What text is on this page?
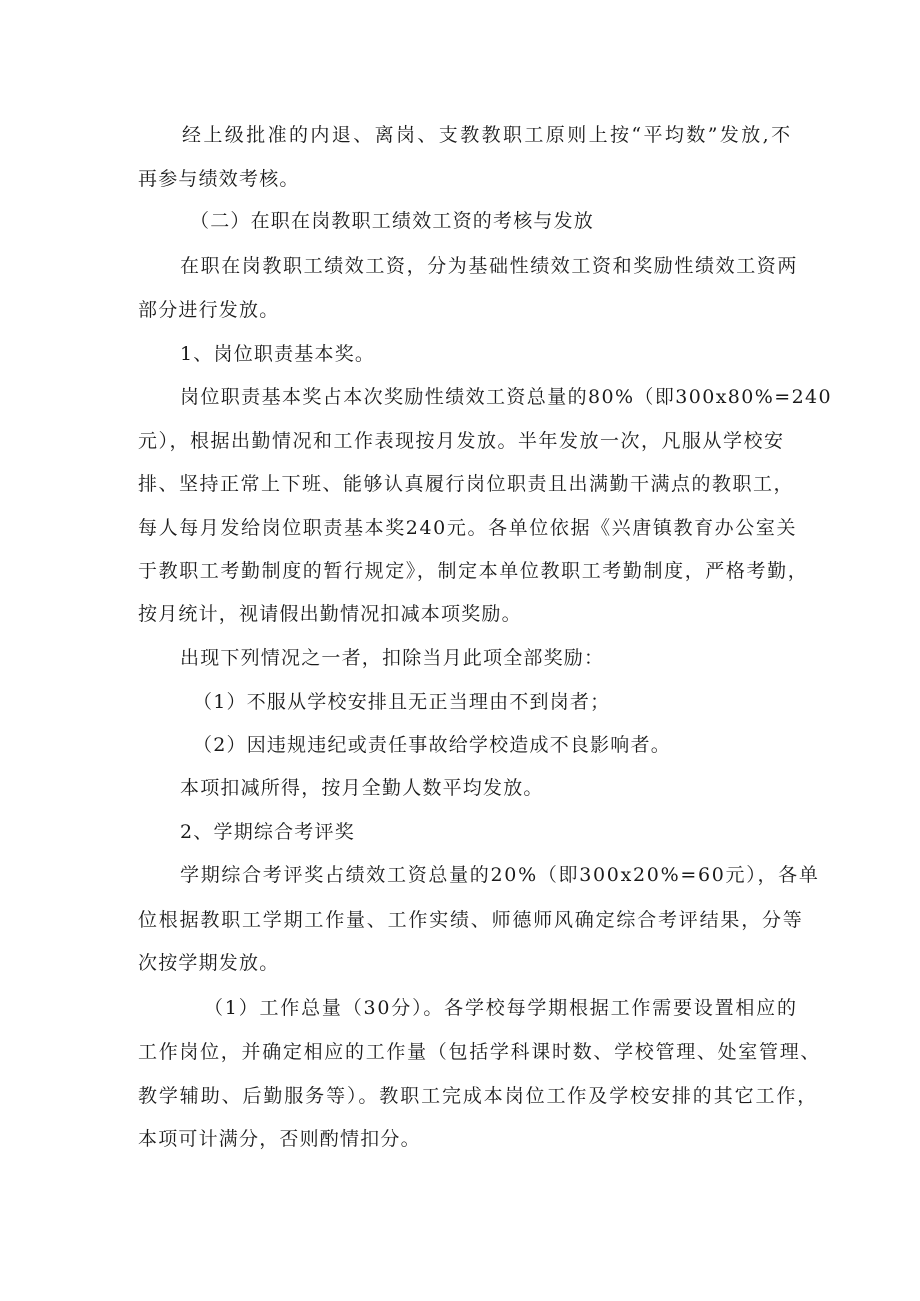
经上级批准的内退、离岗、支教教职工原则上按“平均数”发放,不
再参与绩效考核。
（二）在职在岗教职工绩效工资的考核与发放
在职在岗教职工绩效工资，分为基础性绩效工资和奖励性绩效工资两
部分进行发放。
1、岗位职责基本奖。
岗位职责基本奖占本次奖励性绩效工资总量的80%（即300x80%=240
元），根据出勤情况和工作表现按月发放。半年发放一次，凡服从学校安
排、坚持正常上下班、能够认真履行岗位职责且出满勤干满点的教职工，
每人每月发给岗位职责基本奖240元。各单位依据《兴唐镇教育办公室关
于教职工考勤制度的暂行规定》，制定本单位教职工考勤制度，严格考勤，
按月统计，视请假出勤情况扣减本项奖励。
出现下列情况之一者，扣除当月此项全部奖励：
（1）不服从学校安排且无正当理由不到岗者；
（2）因违规违纪或责任事故给学校造成不良影响者。
本项扣减所得，按月全勤人数平均发放。
2、学期综合考评奖
学期综合考评奖占绩效工资总量的20%（即300x20%=60元），各单
位根据教职工学期工作量、工作实绩、师德师风确定综合考评结果，分等
次按学期发放。
（1）工作总量（30分）。各学校每学期根据工作需要设置相应的
工作岗位，并确定相应的工作量（包括学科课时数、学校管理、处室管理、
教学辅助、后勤服务等）。教职工完成本岗位工作及学校安排的其它工作，
本项可计满分，否则酌情扣分。
